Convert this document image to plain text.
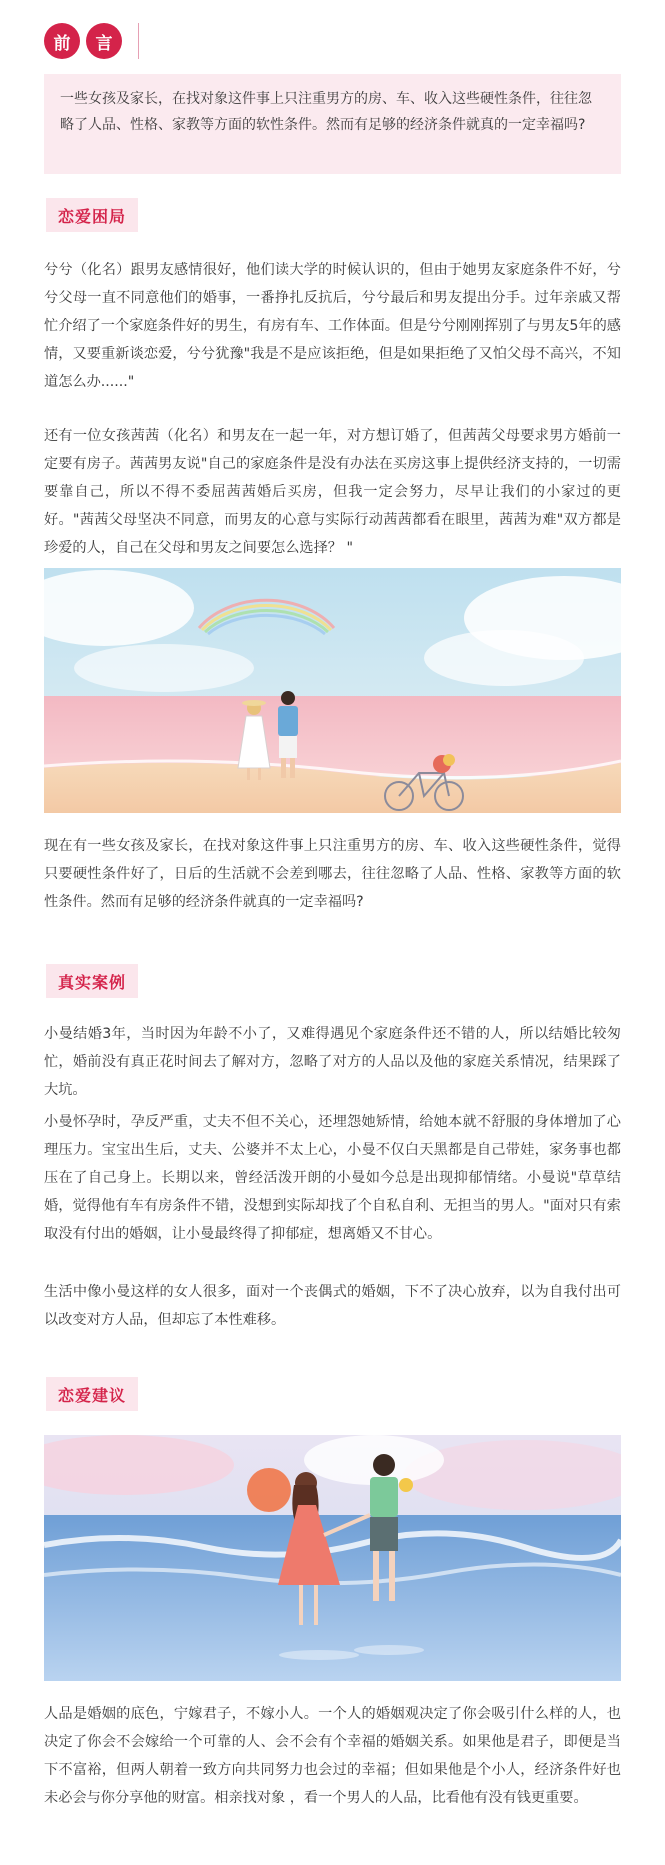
前	言
一些女孩及家长，在找对象这件事上只注重男方的房、车、收入这些硬性条件，往往忽略了人品、性格、家教等方面的软性条件。然而有足够的经济条件就真的一定幸福吗?
恋爱困局
兮兮（化名）跟男友感情很好，他们读大学的时候认识的，但由于她男友家庭条件不好，兮兮父母一直不同意他们的婚事，一番挣扎反抗后，兮兮最后和男友提出分手。过年亲戚又帮忙介绍了一个家庭条件好的男生，有房有车、工作体面。但是兮兮刚刚挥别了与男友5年的感情，又要重新谈恋爱，兮兮犹豫"我是不是应该拒绝，但是如果拒绝了又怕父母不高兴，不知道怎么办......"
还有一位女孩茜茜（化名）和男友在一起一年，对方想订婚了，但茜茜父母要求男方婚前一定要有房子。茜茜男友说"自己的家庭条件是没有办法在买房这事上提供经济支持的，一切需要靠自己，所以不得不委屈茜茜婚后买房，但我一定会努力，尽早让我们的小家过的更好。"茜茜父母坚决不同意，而男友的心意与实际行动茜茜都看在眼里，茜茜为难"双方都是珍爱的人，自己在父母和男友之间要怎么选择？ "
现在有一些女孩及家长，在找对象这件事上只注重男方的房、车、收入这些硬性条件，觉得只要硬性条件好了，日后的生活就不会差到哪去，往往忽略了人品、性格、家教等方面的软性条件。然而有足够的经济条件就真的一定幸福吗?
真实案例
小曼结婚3年，当时因为年龄不小了，又难得遇见个家庭条件还不错的人，所以结婚比较匆忙，婚前没有真正花时间去了解对方，忽略了对方的人品以及他的家庭关系情况，结果踩了大坑。
小曼怀孕时，孕反严重，丈夫不但不关心，还埋怨她矫情，给她本就不舒服的身体增加了心理压力。宝宝出生后，丈夫、公婆并不太上心，小曼不仅白天黑都是自己带娃，家务事也都压在了自己身上。长期以来，曾经活泼开朗的小曼如今总是出现抑郁情绪。小曼说"草草结婚，觉得他有车有房条件不错，没想到实际却找了个自私自利、无担当的男人。"面对只有索取没有付出的婚姻，让小曼最终得了抑郁症，想离婚又不甘心。
生活中像小曼这样的女人很多，面对一个丧偶式的婚姻，下不了决心放弃，以为自我付出可以改变对方人品，但却忘了本性难移。
恋爱建议
人品是婚姻的底色，宁嫁君子，不嫁小人。一个人的婚姻观决定了你会吸引什么样的人，也决定了你会不会嫁给一个可靠的人、会不会有个幸福的婚姻关系。如果他是君子，即便是当下不富裕，但两人朝着一致方向共同努力也会过的幸福；但如果他是个小人，经济条件好也未必会与你分享他的财富。相亲找对象 ，看一个男人的人品，比看他有没有钱更重要。
